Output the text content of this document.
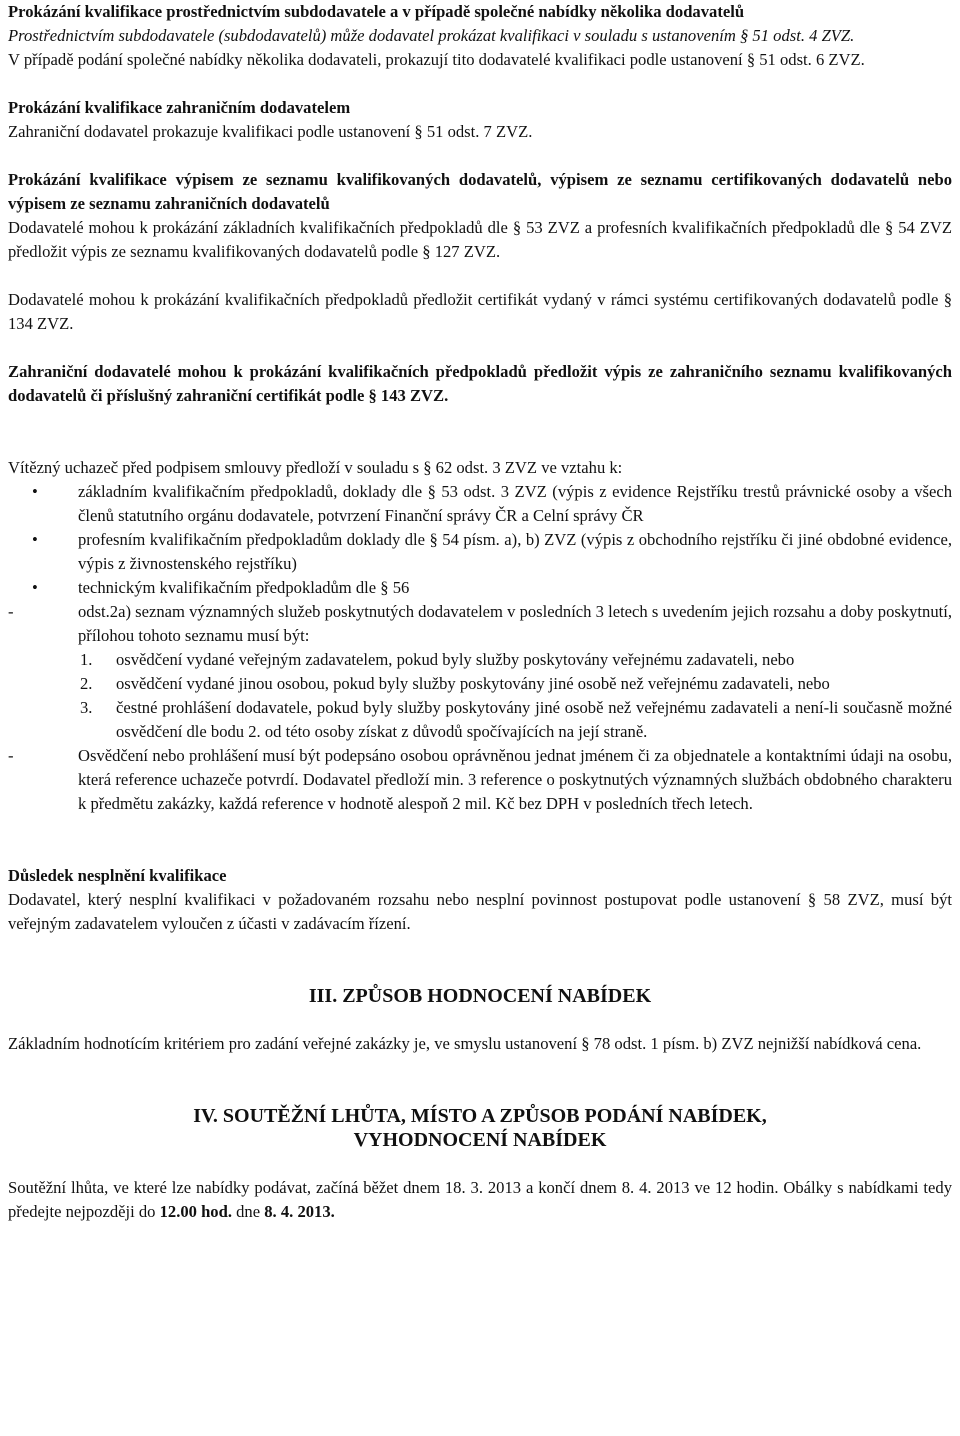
Prokázání kvalifikace prostřednictvím subdodavatele a v případě společné nabídky několika dodavatelů

Prostřednictvím subdodavatele (subdodavatelů) může dodavatel prokázat kvalifikaci v souladu s ustanovením § 51 odst. 4 ZVZ.

V případě podání společné nabídky několika dodavateli, prokazují tito dodavatelé kvalifikaci podle ustanovení § 51 odst. 6 ZVZ.

Prokázání kvalifikace zahraničním dodavatelem

Zahraniční dodavatel prokazuje kvalifikaci podle ustanovení § 51 odst. 7 ZVZ.

Prokázání kvalifikace výpisem ze seznamu kvalifikovaných dodavatelů, výpisem ze seznamu certifikovaných dodavatelů nebo výpisem ze seznamu zahraničních dodavatelů

Dodavatelé mohou k prokázání základních kvalifikačních předpokladů dle § 53 ZVZ a profesních kvalifikačních předpokladů dle § 54 ZVZ předložit výpis ze seznamu kvalifikovaných dodavatelů podle § 127 ZVZ.

Dodavatelé mohou k prokázání kvalifikačních předpokladů předložit certifikát vydaný v rámci systému certifikovaných dodavatelů podle § 134 ZVZ.

Zahraniční dodavatelé mohou k prokázání kvalifikačních předpokladů předložit výpis ze zahraničního seznamu kvalifikovaných dodavatelů či příslušný zahraniční certifikát podle § 143 ZVZ.

Vítězný uchazeč před podpisem smlouvy předloží v souladu s § 62 odst. 3 ZVZ ve vztahu k:

• základním kvalifikačním předpokladů, doklady dle § 53 odst. 3 ZVZ (výpis z evidence Rejstříku trestů právnické osoby a všech členů statutního orgánu dodavatele, potvrzení Finanční správy ČR a Celní správy ČR
• profesním kvalifikačním předpokladům doklady dle § 54 písm. a), b) ZVZ (výpis z obchodního rejstříku či jiné obdobné evidence, výpis z živnostenského rejstříku)
• technickým kvalifikačním předpokladům dle § 56
-	odst.2a) seznam významných služeb poskytnutých dodavatelem v posledních 3 letech s uvedením jejich rozsahu a doby poskytnutí, přílohou tohoto seznamu musí být:
1. osvědčení vydané veřejným zadavatelem, pokud byly služby poskytovány veřejnému zadavateli, nebo
2. osvědčení vydané jinou osobou, pokud byly služby poskytovány jiné osobě než veřejnému zadavateli, nebo
3. čestné prohlášení dodavatele, pokud byly služby poskytovány jiné osobě než veřejnému zadavateli a není-li současně možné osvědčení dle bodu 2. od této osoby získat z důvodů spočívajících na její straně.
-	Osvědčení nebo prohlášení musí být podepsáno osobou oprávněnou jednat jménem či za objednatele a kontaktními údaji na osobu, která reference uchazeče potvrdí. Dodavatel předloží min. 3 reference o poskytnutých významných službách obdobného charakteru k předmětu zakázky, každá reference v hodnotě alespoň 2 mil. Kč bez DPH v posledních třech letech.

Důsledek nesplnění kvalifikace

Dodavatel, který nesplní kvalifikaci v požadovaném rozsahu nebo nesplní povinnost postupovat podle ustanovení § 58 ZVZ, musí být veřejným zadavatelem vyloučen z účasti v zadávacím řízení.

III. ZPŮSOB HODNOCENÍ NABÍDEK

Základním hodnotícím kritériem pro zadání veřejné zakázky je, ve smyslu ustanovení § 78 odst. 1 písm. b) ZVZ nejnižší nabídková cena.

IV. SOUTĚŽNÍ LHŮTA, MÍSTO A ZPŮSOB PODÁNÍ NABÍDEK,

VYHODNOCENÍ NABÍDEK

Soutěžní lhůta, ve které lze nabídky podávat, začíná běžet dnem 18. 3. 2013 a končí dnem 8. 4. 2013 ve 12 hodin. Obálky s nabídkami tedy předejte nejpozději do 12.00 hod. dne 8. 4. 2013.
